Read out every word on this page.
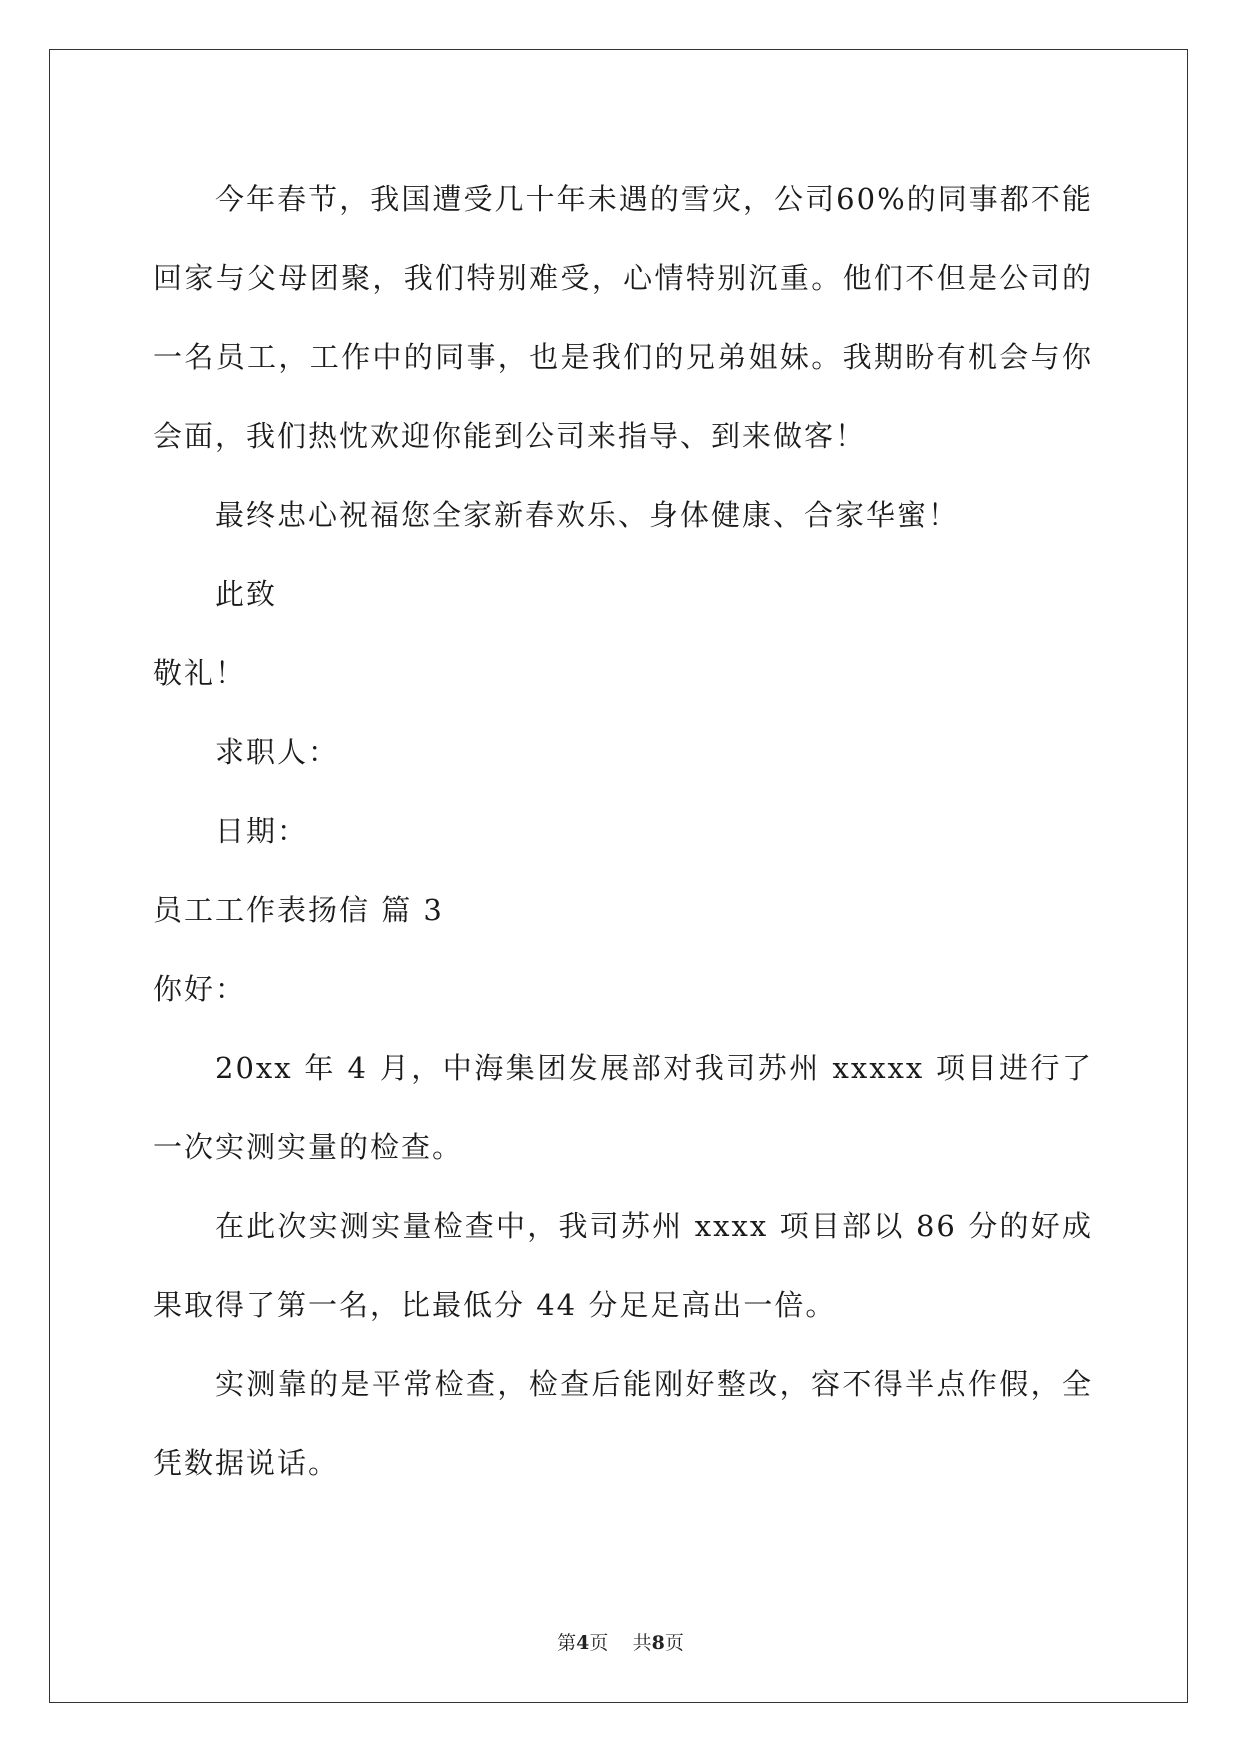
今年春节，我国遭受几十年未遇的雪灾，公司60%的同事都不能回家与父母团聚，我们特别难受，心情特别沉重。他们不但是公司的一名员工，工作中的同事，也是我们的兄弟姐妹。我期盼有机会与你会面，我们热忱欢迎你能到公司来指导、到来做客！

最终忠心祝福您全家新春欢乐、身体健康、合家华蜜！

此致

敬礼！

求职人：

日期：

员工工作表扬信 篇 3

你好：

20xx 年 4 月，中海集团发展部对我司苏州 xxxxx 项目进行了一次实测实量的检查。

在此次实测实量检查中，我司苏州 xxxx 项目部以 86 分的好成果取得了第一名，比最低分 44 分足足高出一倍。

实测靠的是平常检查，检查后能刚好整改，容不得半点作假，全凭数据说话。

第4页 共8页
